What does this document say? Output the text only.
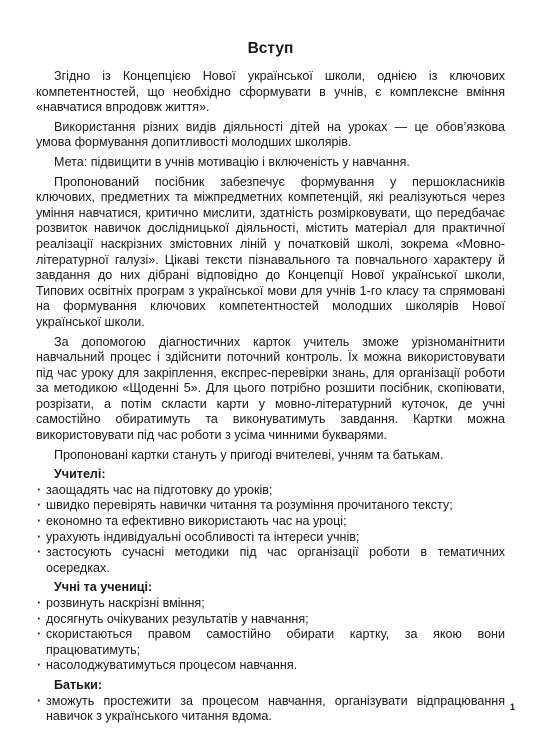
Вступ

Згідно із Концепцією Нової української школи, однією із ключових компетентностей, що необхідно сформувати в учнів, є комплексне вміння «навчатися впродовж життя».

Використання різних видів діяльності дітей на уроках — це обов’язкова умова формування допитливості молодших школярів.

Мета: підвищити в учнів мотивацію і включеність у навчання.

Пропонований посібник забезпечує формування у першокласників ключових, предметних та міжпредметних компетенцій, які реалізуються через уміння навчатися, критично мислити, здатність розмірковувати, що передбачає розвиток навичок дослідницької діяльності, містить матеріал для практичної реалізації наскрізних змістовних ліній у початковій школі, зокрема «Мовно-літературної галузі». Цікаві тексти пізнавального та повчального характеру й завдання до них дібрані відповідно до Концепції Нової української школи, Типових освітніх програм з української мови для учнів 1-го класу та спрямовані на формування ключових компетентностей молодших школярів Нової української школи.

За допомогою діагностичних карток учитель зможе урізноманітнити навчальний процес і здійснити поточний контроль. Їх можна використовувати під час уроку для закріплення, експрес-перевірки знань, для організації роботи за методикою «Щоденні 5». Для цього потрібно розшити посібник, скопіювати, розрізати, а потім скласти карти у мовно-літературний куточок, де учні самостійно обиратимуть та виконуватимуть завдання. Картки можна використовувати під час роботи з усіма чинними букварями.

Пропоновані картки стануть у пригоді вчителеві, учням та батькам.

Учителі:
· заощадять час на підготовку до уроків;
· швидко перевірять навички читання та розуміння прочитаного тексту;
· економно та ефективно використають час на уроці;
· урахують індивідуальні особливості та інтереси учнів;
· застосують сучасні методики під час організації роботи в тематичних осередках.
Учні та учениці:
· розвинуть наскрізні вміння;
· досягнуть очікуваних результатів у навчання;
· скористаються правом самостійно обирати картку, за якою вони працюватимуть;
· насолоджуватимуться процесом навчання.
Батьки:
· зможуть простежити за процесом навчання, організувати відпрацювання навичок з українського читання вдома.
1
